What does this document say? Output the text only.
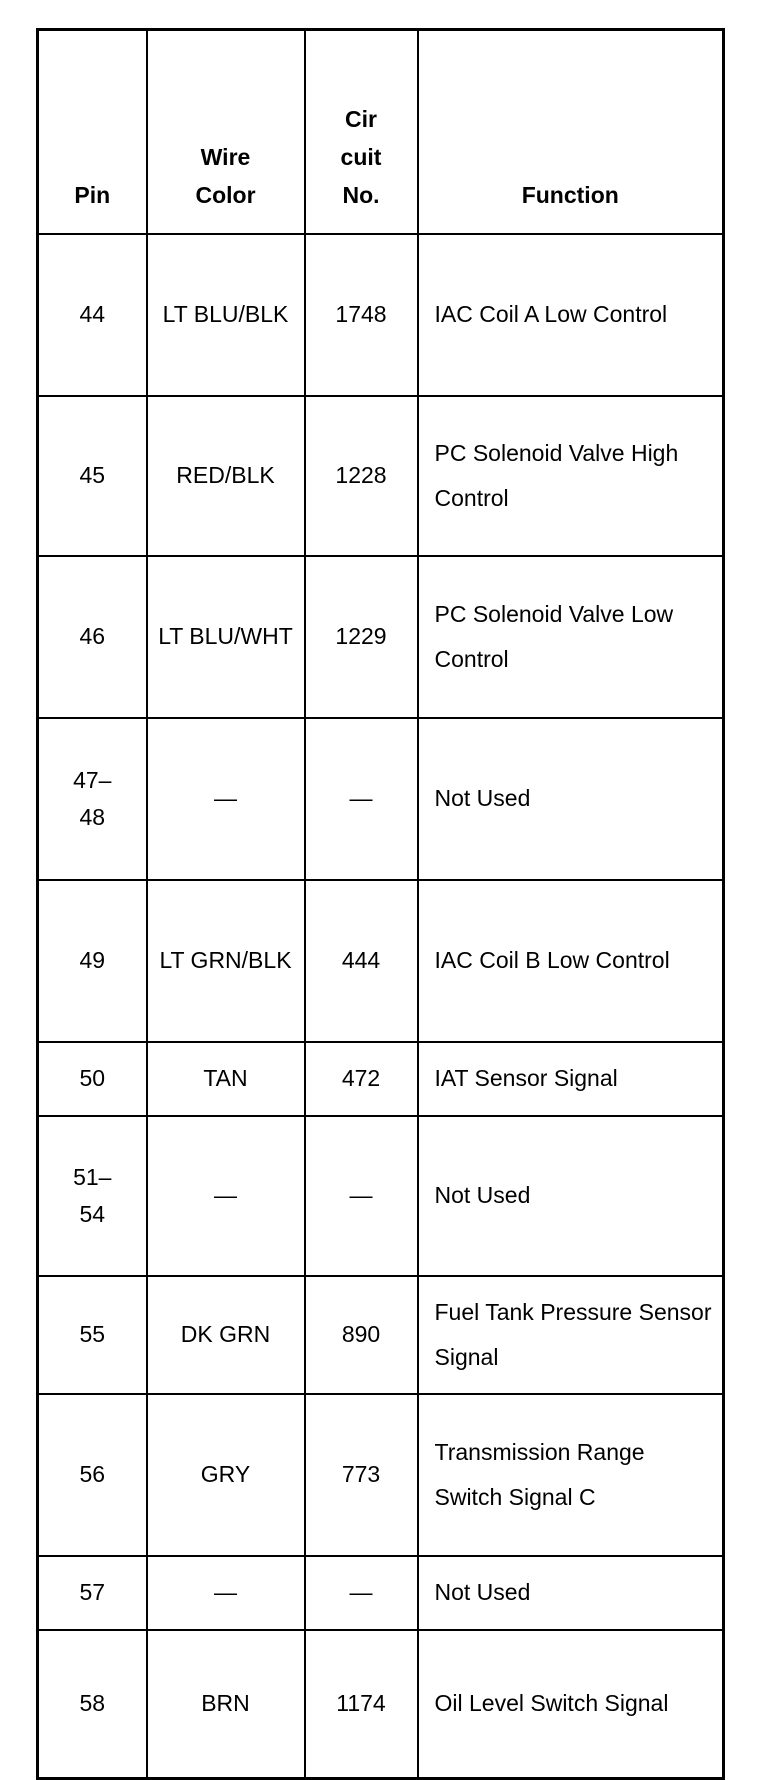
Pin	Wire Color	Cir cuit No.	Function

44	LT BLU/BLK	1748	IAC Coil A Low Control

45	RED/BLK	1228	PC Solenoid Valve High Control

46	LT BLU/WHT	1229	PC Solenoid Valve Low Control

47–48	—	—	Not Used

49	LT GRN/BLK	444	IAC Coil B Low Control

50	TAN	472	IAT Sensor Signal

51–54	—	—	Not Used

55	DK GRN	890	Fuel Tank Pressure Sensor Signal

56	GRY	773	Transmission Range Switch Signal C

57	—	—	Not Used

58	BRN	1174	Oil Level Switch Signal
